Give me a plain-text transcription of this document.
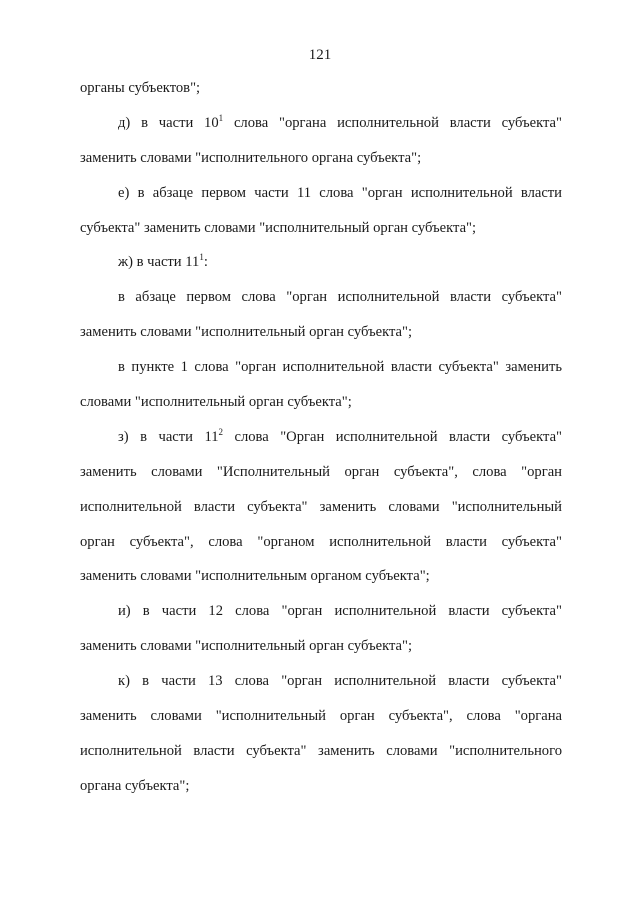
121
органы субъектов";
д) в части $10^1$ слова "органа исполнительной власти субъекта"
заменить словами "исполнительного органа субъекта";
е) в абзаце первом части 11 слова "орган исполнительной власти
субъекта" заменить словами "исполнительный орган субъекта";
ж) в части $11^1$:
в абзаце первом слова "орган исполнительной власти субъекта"
заменить словами "исполнительный орган субъекта";
в пункте 1 слова "орган исполнительной власти субъекта" заменить
словами "исполнительный орган субъекта";
з) в части $11^2$ слова "Орган исполнительной власти субъекта"
заменить словами "Исполнительный орган субъекта", слова "орган
исполнительной власти субъекта" заменить словами "исполнительный
орган субъекта", слова "органом исполнительной власти субъекта"
заменить словами "исполнительным органом субъекта";
и) в части 12 слова "орган исполнительной власти субъекта"
заменить словами "исполнительный орган субъекта";
к) в части 13 слова "орган исполнительной власти субъекта"
заменить словами "исполнительный орган субъекта", слова "органа
исполнительной власти субъекта" заменить словами "исполнительного
органа субъекта";
